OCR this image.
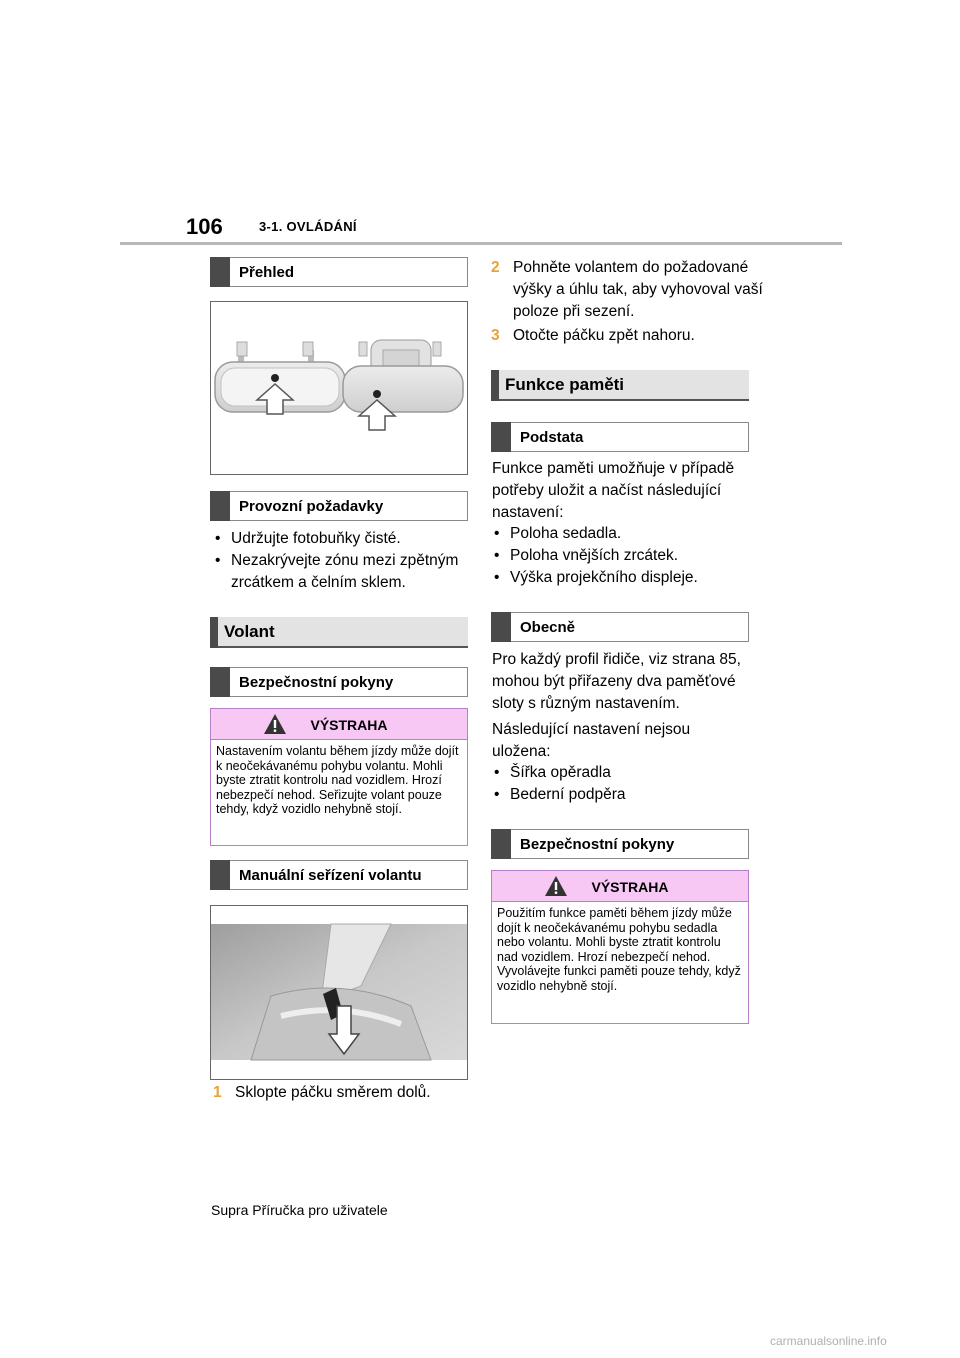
106	3-1. OVLÁDÁNÍ
Přehled
Provozní požadavky
• Udržujte fotobuňky čisté.
• Nezakrývejte zónu mezi zpětným zrcátkem a čelním sklem.
Volant
Bezpečnostní pokyny
VÝSTRAHA
Nastavením volantu během jízdy může dojít k neočekávanému pohybu volantu. Mohli byste ztratit kontrolu nad vozidlem. Hrozí nebezpečí nehod. Seřizujte volant pouze tehdy, když vozidlo nehybně stojí.
Manuální seřízení volantu
1 Sklopte páčku směrem dolů.
2 Pohněte volantem do požadované výšky a úhlu tak, aby vyhovoval vaší poloze při sezení.
3 Otočte páčku zpět nahoru.
Funkce paměti
Podstata
Funkce paměti umožňuje v případě potřeby uložit a načíst následující nastavení:
• Poloha sedadla.
• Poloha vnějších zrcátek.
• Výška projekčního displeje.
Obecně
Pro každý profil řidiče, viz strana 85, mohou být přiřazeny dva paměťové sloty s různým nastavením.
Následující nastavení nejsou uložena:
• Šířka opěradla
• Bederní podpěra
Bezpečnostní pokyny
VÝSTRAHA
Použitím funkce paměti během jízdy může dojít k neočekávanému pohybu sedadla nebo volantu. Mohli byste ztratit kontrolu nad vozidlem. Hrozí nebezpečí nehod. Vyvolávejte funkci paměti pouze tehdy, když vozidlo nehybně stojí.
Supra Příručka pro uživatele
carmanualsonline.info
